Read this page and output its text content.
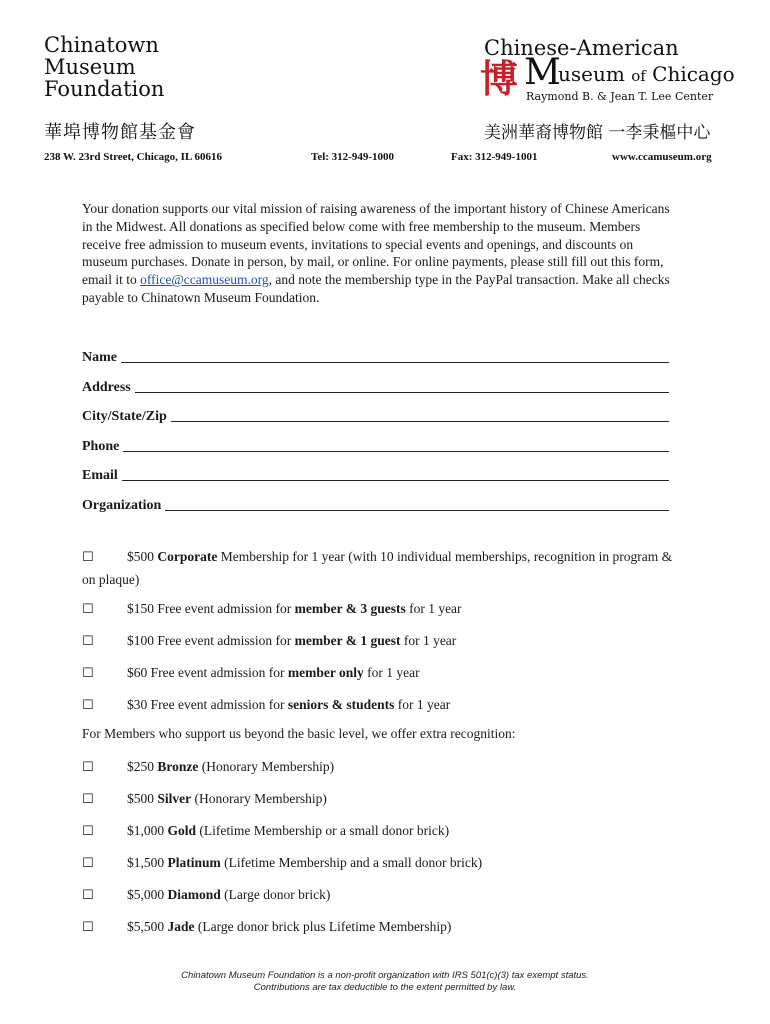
Chinatown
Museum
Foundation
華埠博物館基金會
Chinese-American
博 M
useum of Chicago
Raymond B. & Jean T. Lee Center
美洲華裔博物館 一李秉樞中心
238 W. 23rd Street, Chicago, IL 60616	Tel: 312-949-1000	Fax: 312-949-1001	www.ccamuseum.org
Your donation supports our vital mission of raising awareness of the important history of Chinese Americans in the Midwest. All donations as specified below come with free membership to the museum. Members receive free admission to museum events, invitations to special events and openings, and discounts on museum purchases. Donate in person, by mail, or online. For online payments, please still fill out this form, email it to office@ccamuseum.org, and note the membership type in the PayPal transaction. Make all checks payable to Chinatown Museum Foundation.
Name
Address
City/State/Zip
Phone
Email
Organization
☐ $500 Corporate Membership for 1 year (with 10 individual memberships, recognition in program & on plaque)
☐ $150 Free event admission for member & 3 guests for 1 year
☐ $100 Free event admission for member & 1 guest for 1 year
☐ $60 Free event admission for member only for 1 year
☐ $30 Free event admission for seniors & students for 1 year
For Members who support us beyond the basic level, we offer extra recognition:
☐ $250 Bronze (Honorary Membership)
☐ $500 Silver (Honorary Membership)
☐ $1,000 Gold (Lifetime Membership or a small donor brick)
☐ $1,500 Platinum (Lifetime Membership and a small donor brick)
☐ $5,000 Diamond (Large donor brick)
☐ $5,500 Jade (Large donor brick plus Lifetime Membership)
Chinatown Museum Foundation is a non-profit organization with IRS 501(c)(3) tax exempt status.
Contributions are tax deductible to the extent permitted by law.
